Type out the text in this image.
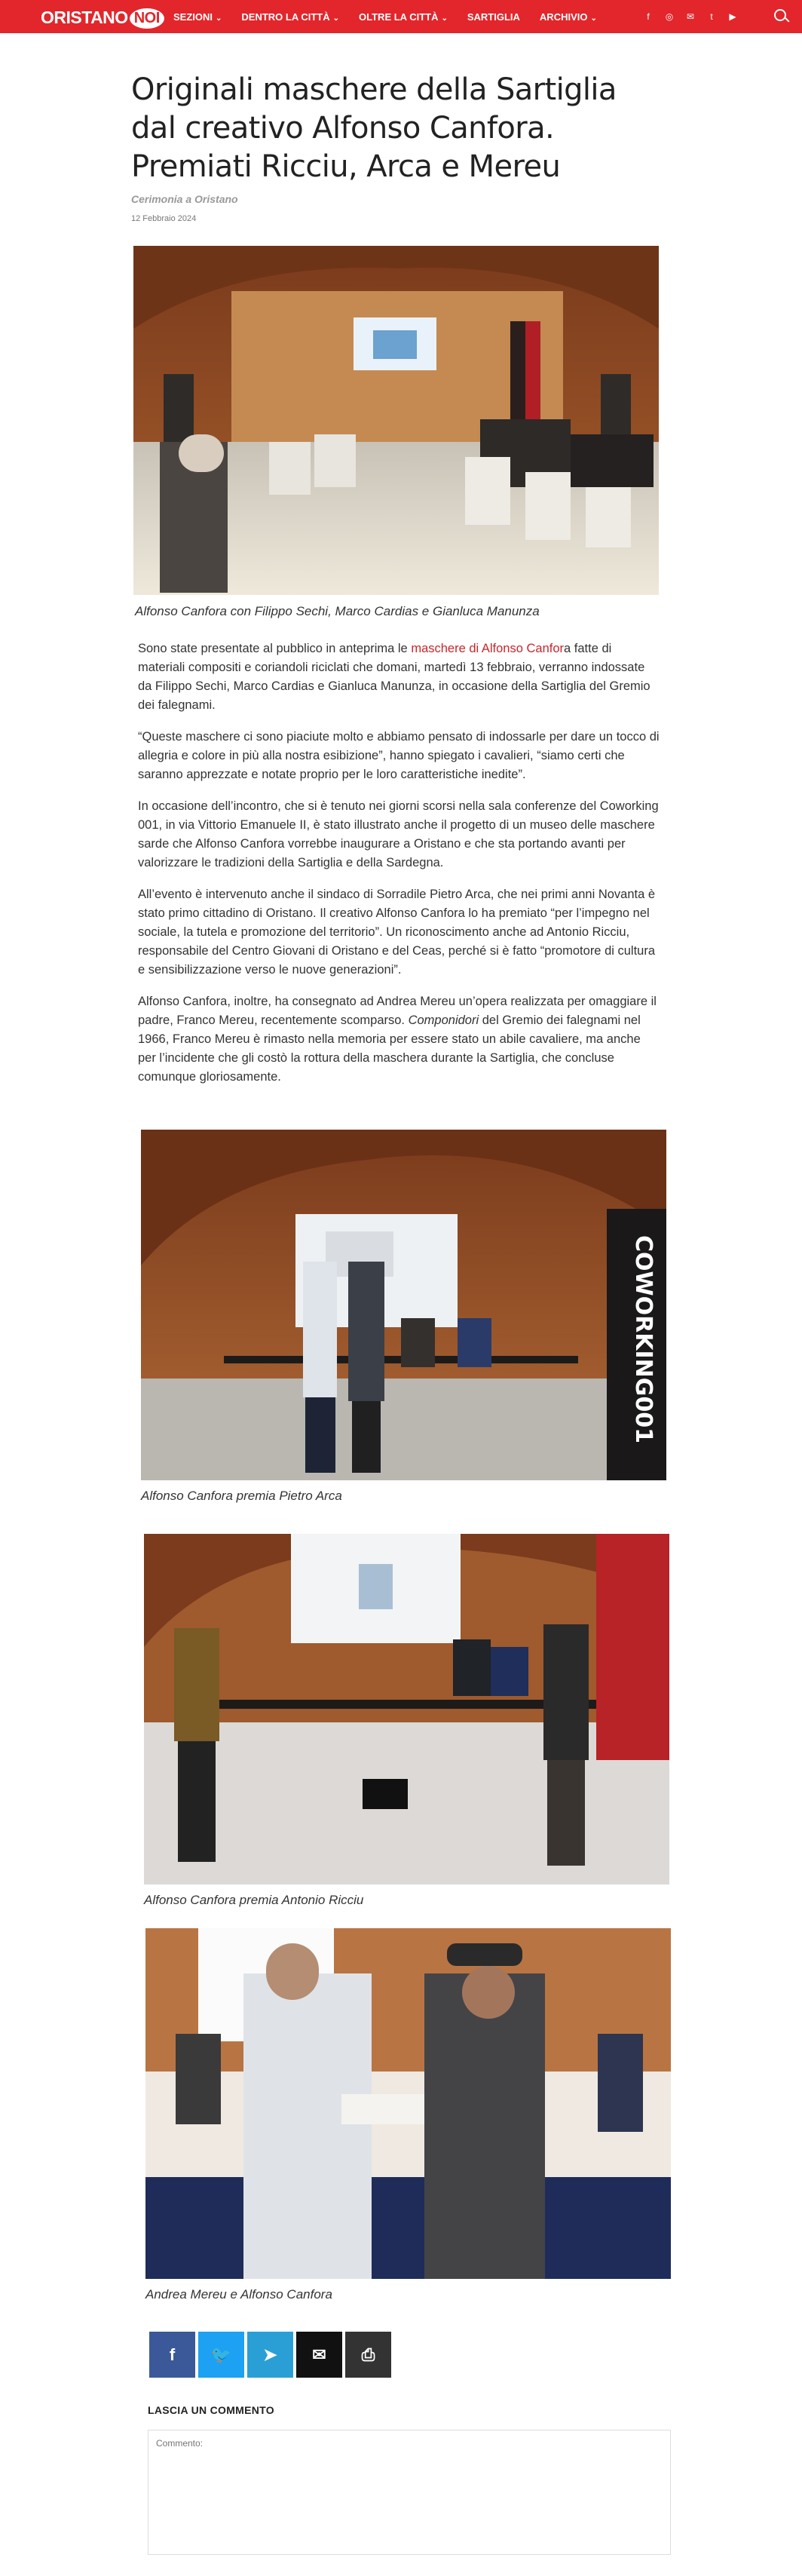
ORISTANO NOI	SEZIONI ⌄ DENTRO LA CITTÀ ⌄ OLTRE LA CITTÀ ⌄ SARTIGLIA ARCHIVIO ⌄	f	◎	✉	t	▶
Originali maschere della Sartiglia dal creativo Alfonso Canfora. Premiati Ricciu, Arca e Mereu
Cerimonia a Oristano
12 Febbraio 2024
Alfonso Canfora con Filippo Sechi, Marco Cardias e Gianluca Manunza

Sono state presentate al pubblico in anteprima le maschere di Alfonso Canfora fatte di materiali compositi e coriandoli riciclati che domani, martedì 13 febbraio, verranno indossate da Filippo Sechi, Marco Cardias e Gianluca Manunza, in occasione della Sartiglia del Gremio dei falegnami.

“Queste maschere ci sono piaciute molto e abbiamo pensato di indossarle per dare un tocco di allegria e colore in più alla nostra esibizione”, hanno spiegato i cavalieri, “siamo certi che saranno apprezzate e notate proprio per le loro caratteristiche inedite”.

In occasione dell’incontro, che si è tenuto nei giorni scorsi nella sala conferenze del Coworking 001, in via Vittorio Emanuele II, è stato illustrato anche il progetto di un museo delle maschere sarde che Alfonso Canfora vorrebbe inaugurare a Oristano e che sta portando avanti per valorizzare le tradizioni della Sartiglia e della Sardegna.

All’evento è intervenuto anche il sindaco di Sorradile Pietro Arca, che nei primi anni Novanta è stato primo cittadino di Oristano. Il creativo Alfonso Canfora lo ha premiato “per l’impegno nel sociale, la tutela e promozione del territorio”. Un riconoscimento anche ad Antonio Ricciu, responsabile del Centro Giovani di Oristano e del Ceas, perché si è fatto “promotore di cultura e sensibilizzazione verso le nuove generazioni”.

Alfonso Canfora, inoltre, ha consegnato ad Andrea Mereu un’opera realizzata per omaggiare il padre, Franco Mereu, recentemente scomparso. Componidori del Gremio dei falegnami nel 1966, Franco Mereu è rimasto nella memoria per essere stato un abile cavaliere, ma anche per l’incidente che gli costò la rottura della maschera durante la Sartiglia, che concluse comunque gloriosamente.

COWORKING001
Alfonso Canfora premia Pietro Arca
Alfonso Canfora premia Antonio Ricciu
Andrea Mereu e Alfonso Canfora
f 🐦 ➤ ✉ ⎙
LASCIA UN COMMENTO
Commento:
